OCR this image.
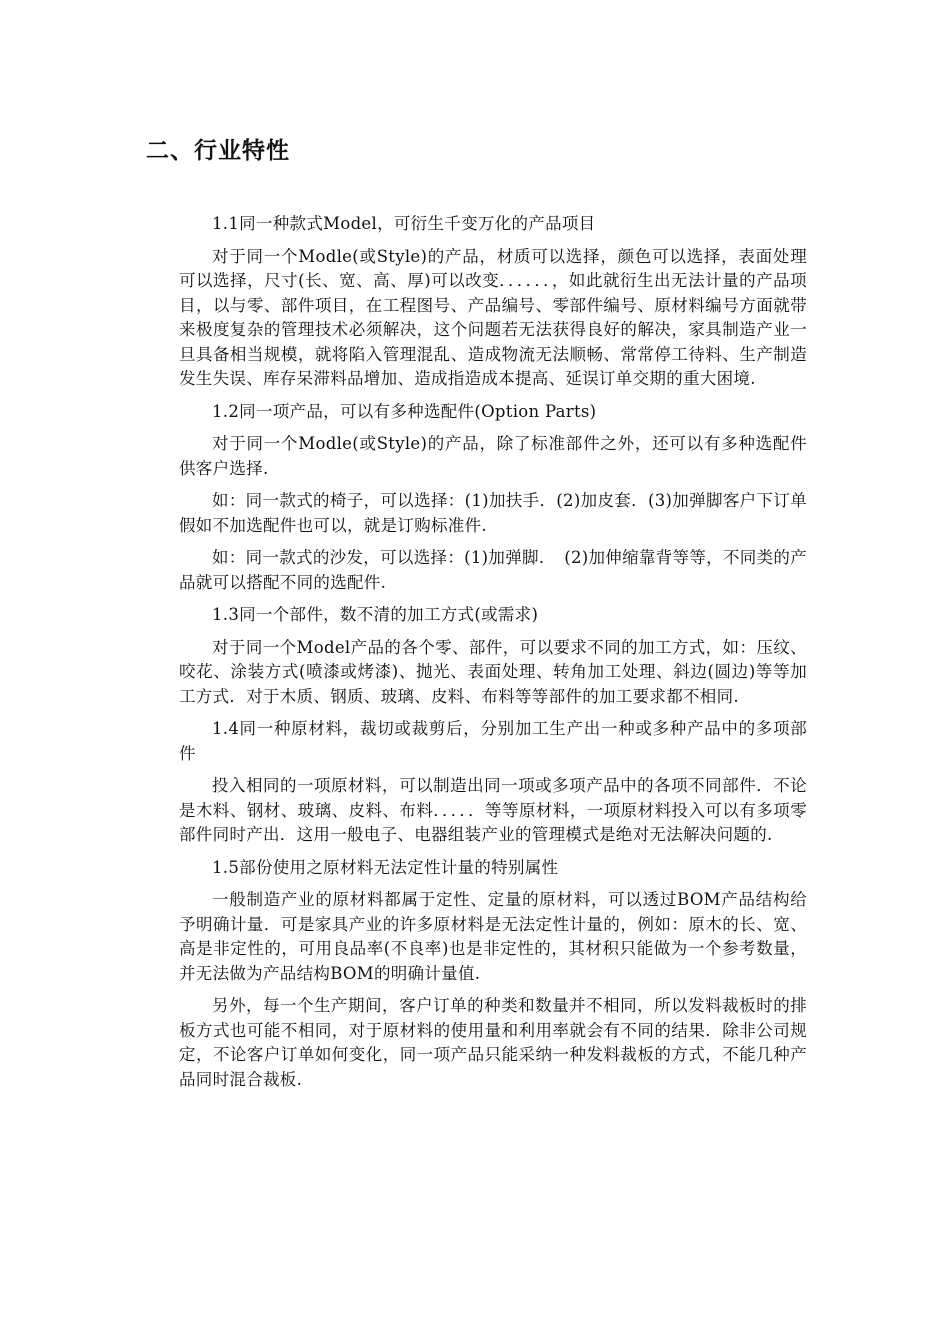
二、行业特性

1.1同一种款式Model，可衍生千变万化的产品项目

对于同一个Modle(或Style)的产品，材质可以选择，颜色可以选择，表面处理可以选择，尺寸(长、宽、高、厚)可以改变．．．．．．，如此就衍生出无法计量的产品项目，以与零、部件项目，在工程图号、产品编号、零部件编号、原材料编号方面就带来极度复杂的管理技术必须解决，这个问题若无法获得良好的解决，家具制造产业一旦具备相当规模，就将陷入管理混乱、造成物流无法顺畅、常常停工待料、生产制造发生失误、库存呆滞料品增加、造成指造成本提高、延误订单交期的重大困境.

1.2同一项产品，可以有多种选配件(Option Parts)

对于同一个Modle(或Style)的产品，除了标准部件之外，还可以有多种选配件供客户选择.

如：同一款式的椅子，可以选择：(1)加扶手．(2)加皮套．(3)加弹脚客户下订单假如不加选配件也可以，就是订购标准件.

如：同一款式的沙发，可以选择：(1)加弹脚．　(2)加伸缩靠背等等，不同类的产品就可以搭配不同的选配件.

1.3同一个部件，数不清的加工方式(或需求)

对于同一个Model产品的各个零、部件，可以要求不同的加工方式，如：压纹、咬花、涂装方式(喷漆或烤漆)、抛光、表面处理、转角加工处理、斜边(圆边)等等加工方式．对于木质、钢质、玻璃、皮料、布料等等部件的加工要求都不相同.

1.4同一种原材料，裁切或裁剪后，分别加工生产出一种或多种产品中的多项部件

投入相同的一项原材料，可以制造出同一项或多项产品中的各项不同部件．不论是木料、钢材、玻璃、皮料、布料．．．．．等等原材料，一项原材料投入可以有多项零部件同时产出．这用一般电子、电器组装产业的管理模式是绝对无法解决问题的.

1.5部份使用之原材料无法定性计量的特别属性

一般制造产业的原材料都属于定性、定量的原材料，可以透过BOM产品结构给予明确计量．可是家具产业的许多原材料是无法定性计量的，例如：原木的长、宽、高是非定性的，可用良品率(不良率)也是非定性的，其材积只能做为一个参考数量，并无法做为产品结构BOM的明确计量值.

另外，每一个生产期间，客户订单的种类和数量并不相同，所以发料裁板时的排板方式也可能不相同，对于原材料的使用量和利用率就会有不同的结果．除非公司规定，不论客户订单如何变化，同一项产品只能采纳一种发料裁板的方式，不能几种产品同时混合裁板.
